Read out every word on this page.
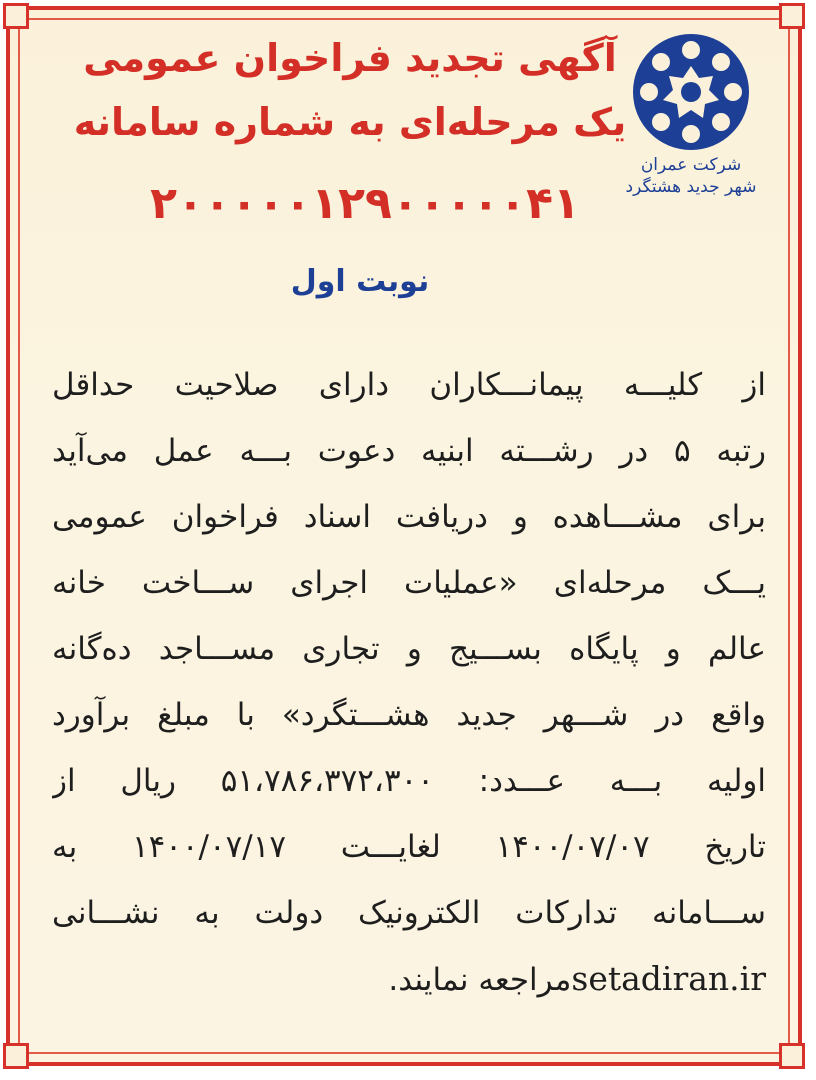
شرکت عمران
شهر جدید هشتگرد
آگهی تجدید فراخوان عمومی
یک مرحله‌ای به شماره سامانه
۲۰۰۰۰۰۱۲۹۰۰۰۰۰۴۱
نوبت اول
از کلیـــه پیمانـــکاران دارای صلاحیت حداقل
رتبه ۵ در رشـــته ابنیه دعوت بـــه عمل می‌آید
برای مشـــاهده و دریافت اسناد فراخوان عمومی
یـــک مرحله‌ای «عملیات اجرای ســـاخت خانه
عالم و پایگاه بســـیج و تجاری مســـاجد ده‌گانه
واقع در شـــهر جدید هشـــتگرد» با مبلغ برآورد
اولیه بـــه عـــدد: ۵۱،۷۸۶،۳۷۲،۳۰۰ ریال از
تاریخ ۱۴۰۰/۰۷/۰۷ لغایـــت ۱۴۰۰/۰۷/۱۷ به
ســـامانه تدارکات الکترونیک دولت به نشـــانی
setadiran.irمراجعه نمایند.
